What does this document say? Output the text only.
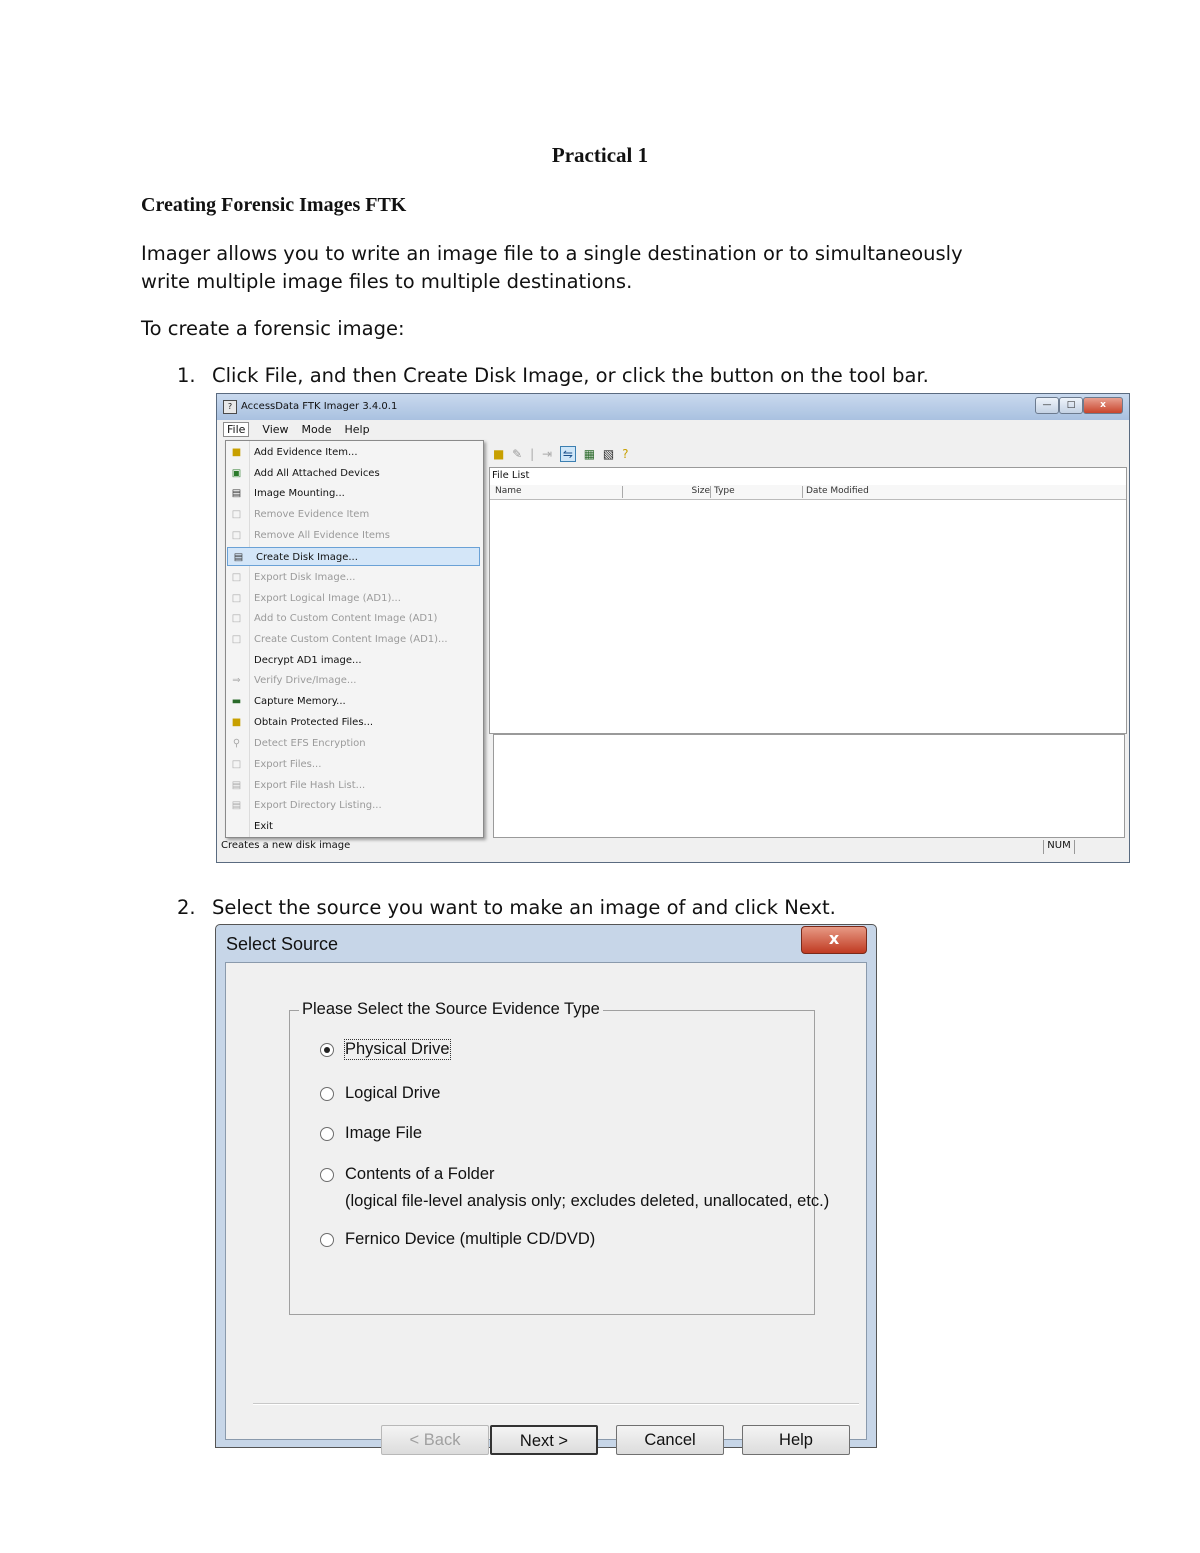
Practical 1
Creating Forensic Images FTK
Imager allows you to write an image file to a single destination or to simultaneously
write multiple image files to multiple destinations.
To create a forensic image:
1. Click File, and then Create Disk Image, or click the button on the tool bar.
? AccessData FTK Imager 3.4.0.1	—	□	x
File View Mode Help
■ ✎ | ⇥ ⇋ ▦ ▧ ?
File List
Name	Size Type	Date Modified
Creates a new disk image	NUM
■ Add Evidence Item...
▣ Add All Attached Devices
▤ Image Mounting...
□ Remove Evidence Item
□ Remove All Evidence Items
▤ Create Disk Image...
□ Export Disk Image...
□ Export Logical Image (AD1)...
□ Add to Custom Content Image (AD1)
□ Create Custom Content Image (AD1)...
Decrypt AD1 image...
⇒ Verify Drive/Image...
▬ Capture Memory...
■ Obtain Protected Files...
⚲ Detect EFS Encryption
□ Export Files...
▤ Export File Hash List...
▤ Export Directory Listing...
Exit
2. Select the source you want to make an image of and click Next.
Select Source	x
Please Select the Source Evidence Type
Physical Drive
Logical Drive
Image File
Contents of a Folder
(logical file-level analysis only; excludes deleted, unallocated, etc.)
Fernico Device (multiple CD/DVD)
< Back	Next >	Cancel	Help
